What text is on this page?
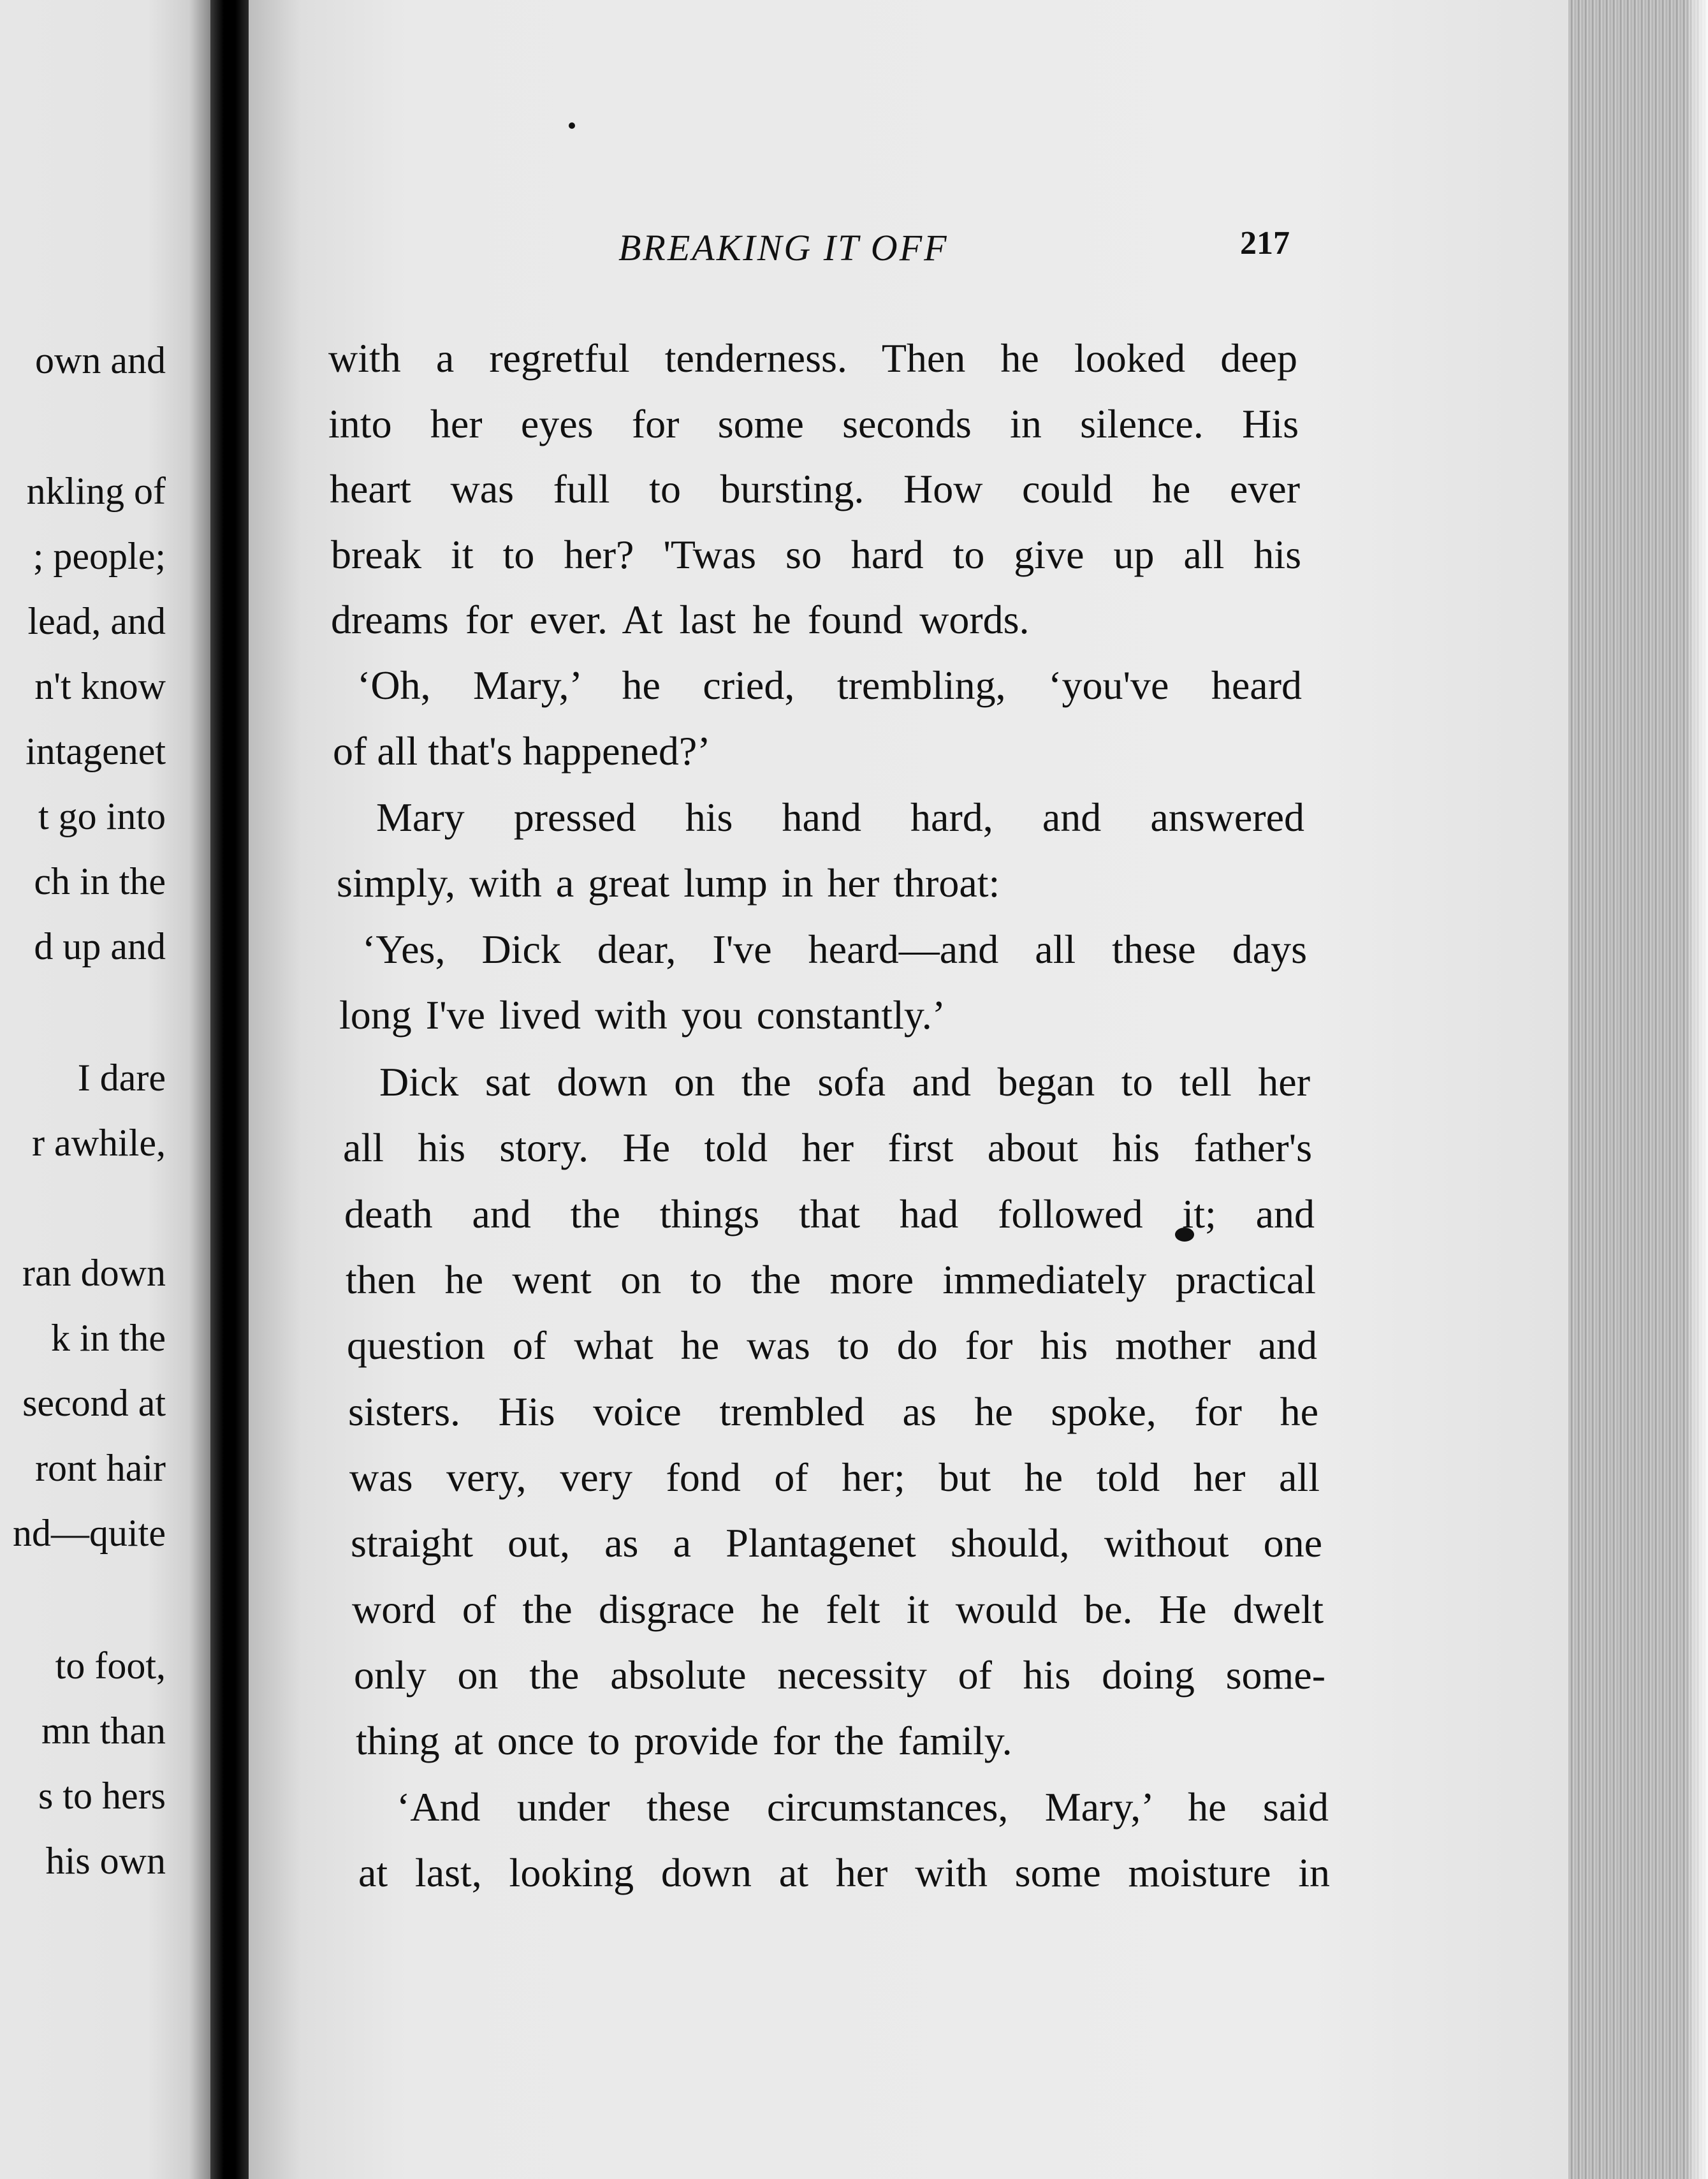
own and
nkling of
; people;
lead, and
n't know
intagenet
t go into
ch in the
d up and
I dare
r awhile,
ran down
k in the
second at
ront hair
nd—quite
to foot,
mn than
s to hers
his own
BREAKING IT OFF	217
with a regretful tenderness. Then he looked deep
into her eyes for some seconds in silence. His
heart was full to bursting. How could he ever
break it to her? 'Twas so hard to give up all his
dreams for ever. At last he found words.
‘Oh, Mary,’ he cried, trembling, ‘you've heard
of all that's happened?’
Mary pressed his hand hard, and answered
simply, with a great lump in her throat:
‘Yes, Dick dear, I've heard—and all these days
long I've lived with you constantly.’
Dick sat down on the sofa and began to tell her
all his story. He told her first about his father's
death and the things that had followed it; and
then he went on to the more immediately practical
question of what he was to do for his mother and
sisters. His voice trembled as he spoke, for he
was very, very fond of her; but he told her all
straight out, as a Plantagenet should, without one
word of the disgrace he felt it would be. He dwelt
only on the absolute necessity of his doing some-
thing at once to provide for the family.
‘And under these circumstances, Mary,’ he said
at last, looking down at her with some moisture in
